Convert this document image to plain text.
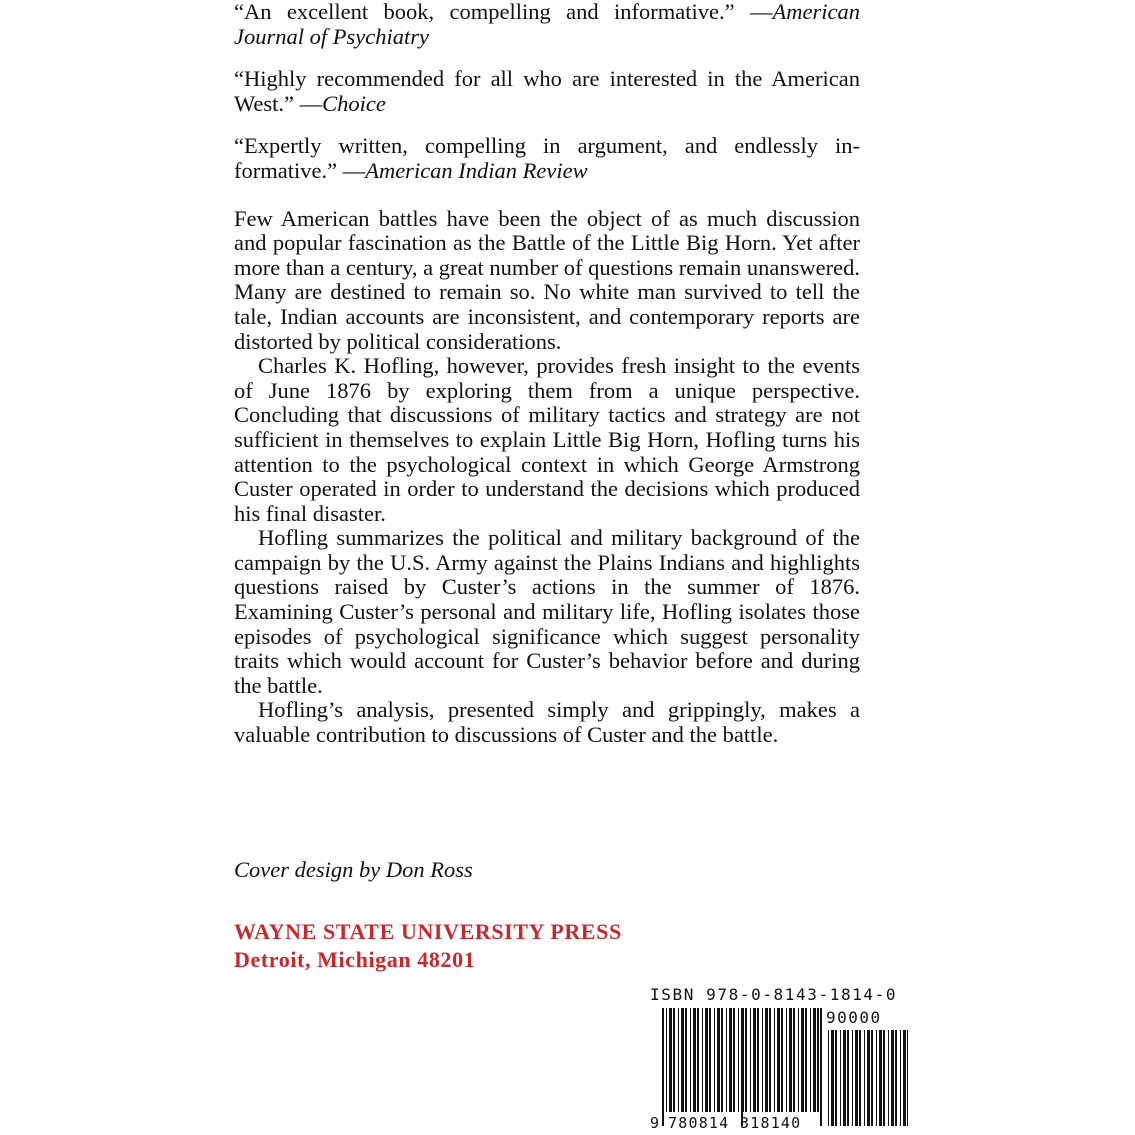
“An excellent book, compelling and informative.” —American Journal of Psychiatry

“Highly recommended for all who are interested in the American West.” —Choice

“Expertly written, compelling in argument, and endlessly informative.” —American Indian Review

Few American battles have been the object of as much discussion and popular fascination as the Battle of the Little Big Horn. Yet after more than a century, a great number of questions remain unanswered. Many are destined to remain so. No white man survived to tell the tale, Indian accounts are inconsistent, and contemporary reports are distorted by political considerations.

Charles K. Hofling, however, provides fresh insight to the events of June 1876 by exploring them from a unique perspective. Concluding that discussions of military tactics and strategy are not sufficient in themselves to explain Little Big Horn, Hofling turns his attention to the psychological context in which George Armstrong Custer operated in order to understand the decisions which produced his final disaster.

Hofling summarizes the political and military background of the campaign by the U.S. Army against the Plains Indians and highlights questions raised by Custer’s actions in the summer of 1876. Examining Custer’s personal and military life, Hofling isolates those episodes of psychological significance which suggest personality traits which would account for Custer’s behavior before and during the battle.

Hofling’s analysis, presented simply and grippingly, makes a valuable contribution to discussions of Custer and the battle.

Cover design by Don Ross

WAYNE STATE UNIVERSITY PRESS
Detroit, Michigan 48201
ISBN 978-0-8143-1814-0
90000
9 780814 318140
